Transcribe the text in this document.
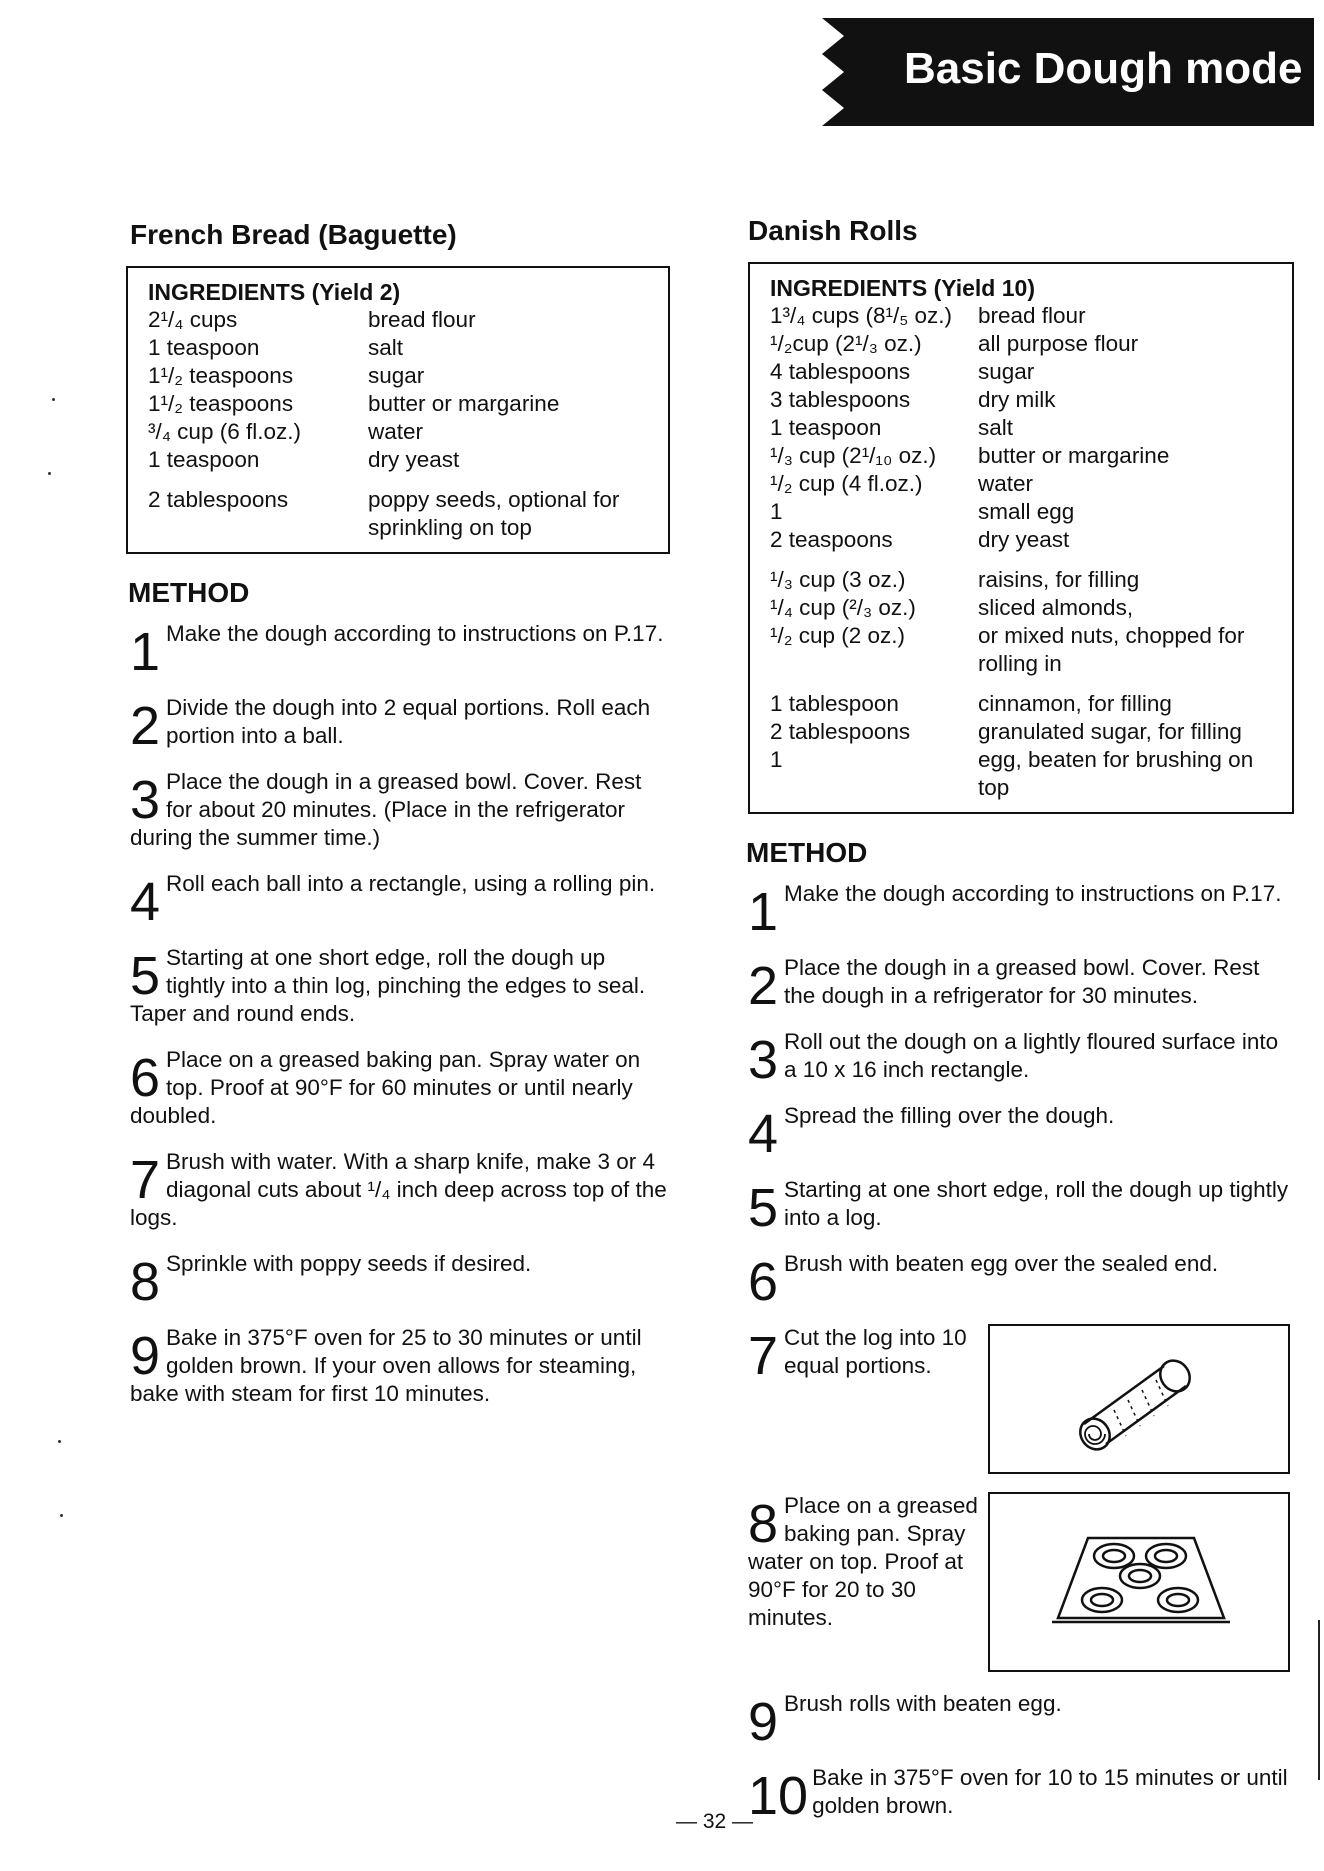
Basic Dough mode
French Bread (Baguette)
INGREDIENTS (Yield 2)
2¹/₄ cups	bread flour
1 teaspoon	salt
1¹/₂ teaspoons	sugar
1¹/₂ teaspoons	butter or margarine
³/₄ cup (6 fl.oz.)	water
1 teaspoon	dry yeast
2 tablespoons	poppy seeds, optional for sprinkling on top
METHOD
1 Make the dough according to instructions on P.17.
2 Divide the dough into 2 equal portions. Roll each portion into a ball.
3 Place the dough in a greased bowl. Cover. Rest for about 20 minutes. (Place in the refrigerator during the summer time.)
4 Roll each ball into a rectangle, using a rolling pin.
5 Starting at one short edge, roll the dough up tightly into a thin log, pinching the edges to seal. Taper and round ends.
6 Place on a greased baking pan. Spray water on top. Proof at 90°F for 60 minutes or until nearly doubled.
7 Brush with water. With a sharp knife, make 3 or 4 diagonal cuts about ¹/₄ inch deep across top of the logs.
8 Sprinkle with poppy seeds if desired.
9 Bake in 375°F oven for 25 to 30 minutes or until golden brown. If your oven allows for steaming, bake with steam for first 10 minutes.
Danish Rolls
INGREDIENTS (Yield 10)
1³/₄ cups (8¹/₅ oz.)	bread flour
¹/₂cup (2¹/₃ oz.)	all purpose flour
4 tablespoons	sugar
3 tablespoons	dry milk
1 teaspoon	salt
¹/₃ cup (2¹/₁₀ oz.)	butter or margarine
¹/₂ cup (4 fl.oz.)	water
1	small egg
2 teaspoons	dry yeast
¹/₃ cup (3 oz.)	raisins, for filling
¹/₄ cup (²/₃ oz.)	sliced almonds,
¹/₂ cup (2 oz.)	or mixed nuts, chopped for rolling in
1 tablespoon	cinnamon, for filling
2 tablespoons	granulated sugar, for filling
1	egg, beaten for brushing on top
METHOD
1 Make the dough according to instructions on P.17.
2 Place the dough in a greased bowl. Cover. Rest the dough in a refrigerator for 30 minutes.
3 Roll out the dough on a lightly floured surface into a 10 x 16 inch rectangle.
4 Spread the filling over the dough.
5 Starting at one short edge, roll the dough up tightly into a log.
6 Brush with beaten egg over the sealed end.
7 Cut the log into 10 equal portions.
8 Place on a greased baking pan. Spray water on top. Proof at 90°F for 20 to 30 minutes.
9 Brush rolls with beaten egg.
10 Bake in 375°F oven for 10 to 15 minutes or until golden brown.
— 32 —
